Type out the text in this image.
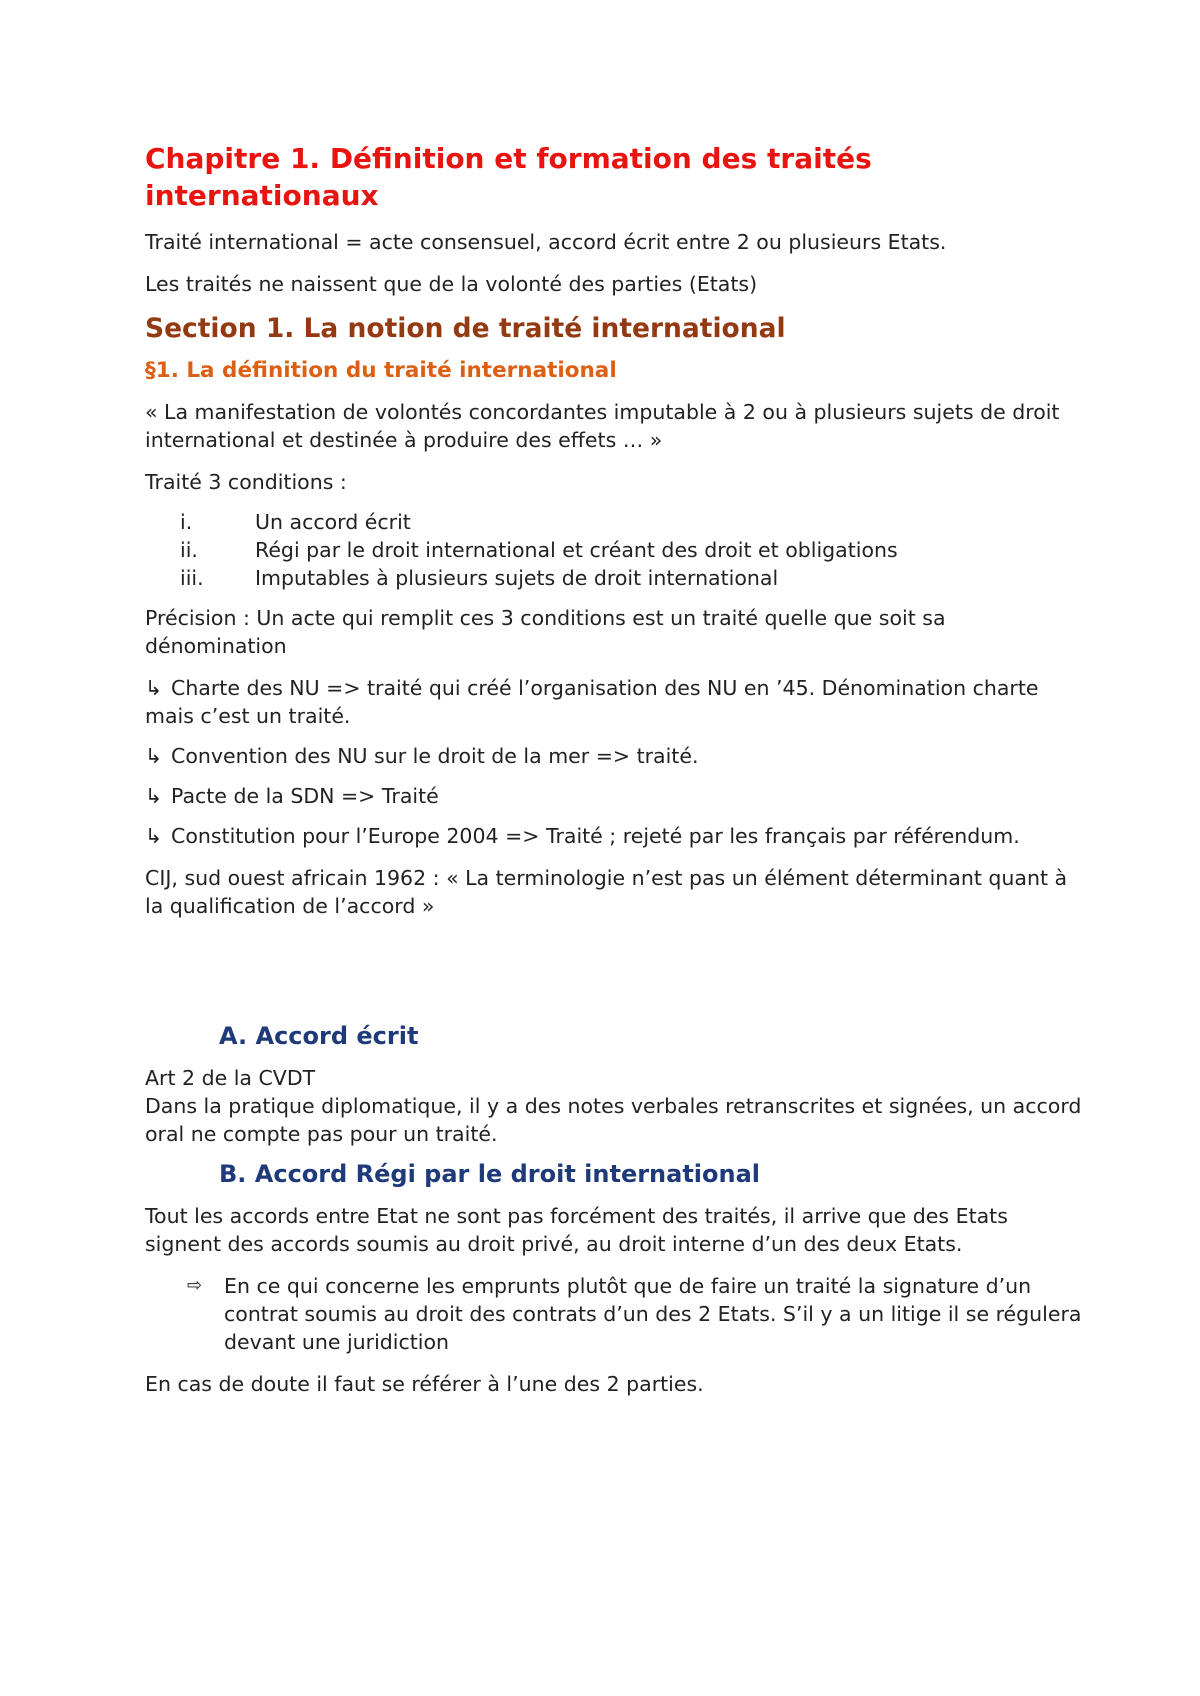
Chapitre 1. Définition et formation des traités internationaux

Traité international = acte consensuel, accord écrit entre 2 ou plusieurs Etats.

Les traités ne naissent que de la volonté des parties (Etats)

Section 1. La notion de traité international
§1. La définition du traité international

« La manifestation de volontés concordantes imputable à 2 ou à plusieurs sujets de droit international et destinée à produire des effets … »

Traité 3 conditions :

i.	Un accord écrit
ii.	Régi par le droit international et créant des droit et obligations
iii.	Imputables à plusieurs sujets de droit international

Précision : Un acte qui remplit ces 3 conditions est un traité quelle que soit sa dénomination

↳ Charte des NU => traité qui créé l’organisation des NU en ’45. Dénomination charte mais c’est un traité.

↳ Convention des NU sur le droit de la mer => traité.

↳ Pacte de la SDN => Traité

↳ Constitution pour l’Europe 2004 => Traité ; rejeté par les français par référendum.

CIJ, sud ouest africain 1962 : « La terminologie n’est pas un élément déterminant quant à la qualification de l’accord »

A. Accord écrit

Art 2 de la CVDT

Dans la pratique diplomatique, il y a des notes verbales retranscrites et signées, un accord oral ne compte pas pour un traité.

B. Accord Régi par le droit international

Tout les accords entre Etat ne sont pas forcément des traités, il arrive que des Etats signent des accords soumis au droit privé, au droit interne d’un des deux Etats.

⇨	En ce qui concerne les emprunts plutôt que de faire un traité la signature d’un contrat soumis au droit des contrats d’un des 2 Etats. S’il y a un litige il se régulera devant une juridiction

En cas de doute il faut se référer à l’une des 2 parties.
